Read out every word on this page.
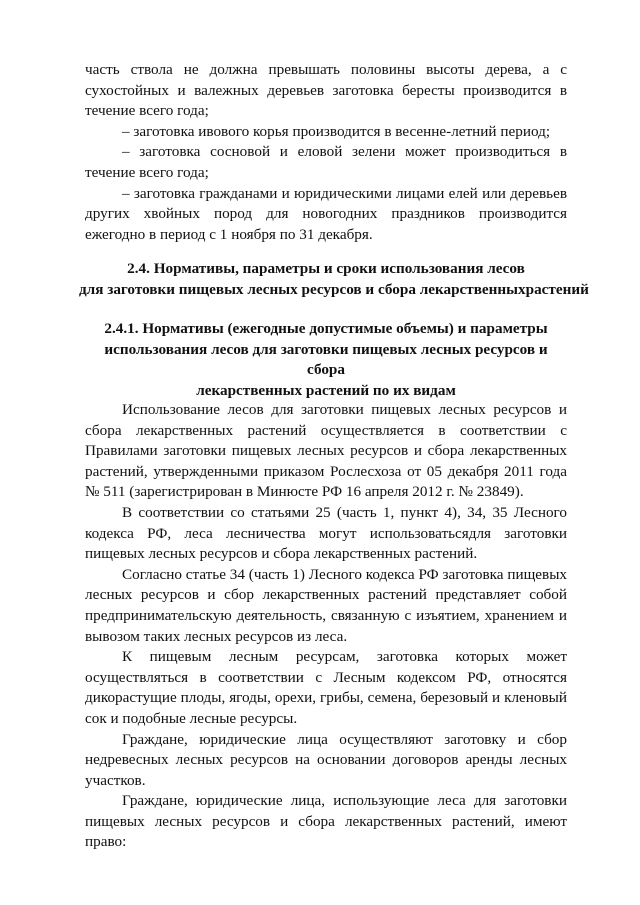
часть ствола не должна превышать половины высоты дерева, а с сухостойных и валежных деревьев заготовка бересты производится в течение всего года;

– заготовка ивового корья производится в весенне-летний период;

– заготовка сосновой и еловой зелени может производиться в течение всего года;

– заготовка гражданами и юридическими лицами елей или деревьев других хвойных пород для новогодних праздников производится ежегодно в период с 1 ноября по 31 декабря.

2.4. Нормативы, параметры и сроки использования лесов
для заготовки пищевых лесных ресурсов и сбора лекарственныхрастений
2.4.1. Нормативы (ежегодные допустимые объемы) и параметры
использования лесов для заготовки пищевых лесных ресурсов и сбора
лекарственных растений по их видам

Использование лесов для заготовки пищевых лесных ресурсов и сбора лекарственных растений осуществляется в соответствии с Правилами заготовки пищевых лесных ресурсов и сбора лекарственных растений, утвержденными приказом Рослесхоза от 05 декабря 2011 года № 511 (зарегистрирован в Минюсте РФ 16 апреля 2012 г. № 23849).

В соответствии со статьями 25 (часть 1, пункт 4), 34, 35 Лесного кодекса РФ, леса лесничества могут использоватьсядля заготовки пищевых лесных ресурсов и сбора лекарственных растений.

Согласно статье 34 (часть 1) Лесного кодекса РФ заготовка пищевых лесных ресурсов и сбор лекарственных растений представляет собой предпринимательскую деятельность, связанную с изъятием, хранением и вывозом таких лесных ресурсов из леса.

К пищевым лесным ресурсам, заготовка которых может осуществляться в соответствии с Лесным кодексом РФ, относятся дикорастущие плоды, ягоды, орехи, грибы, семена, березовый и кленовый сок и подобные лесные ресурсы.

Граждане, юридические лица осуществляют заготовку и сбор недревесных лесных ресурсов на основании договоров аренды лесных участков.

Граждане, юридические лица, использующие леса для заготовки пищевых лесных ресурсов и сбора лекарственных растений, имеют право:
